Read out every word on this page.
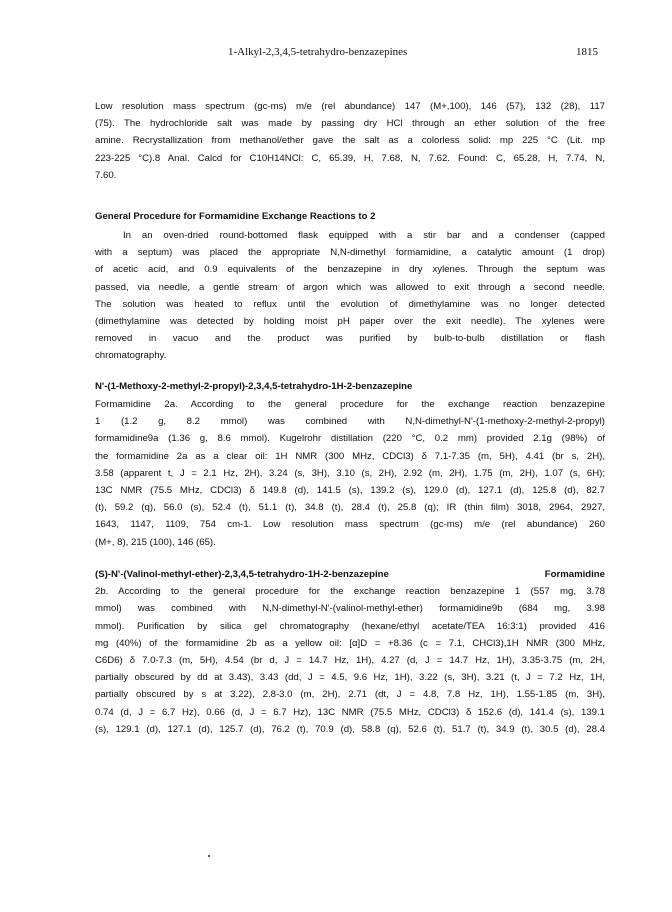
1-Alkyl-2,3,4,5-tetrahydro-benzazepines	1815
Low resolution mass spectrum (gc-ms) m/e (rel abundance) 147 (M+,100), 146 (57), 132 (28), 117
(75). The hydrochloride salt was made by passing dry HCl through an ether solution of the free
amine. Recrystallization from methanol/ether gave the salt as a colorless solid: mp 225 °C (Lit. mp
223-225 °C).8 Anal. Calcd for C10H14NCl: C, 65.39, H, 7.68, N, 7.62. Found: C, 65.28, H, 7.74, N,
7.60.
General Procedure for Formamidine Exchange Reactions to 2
In an oven-dried round-bottomed flask equipped with a stir bar and a condenser (capped
with a septum) was placed the appropriate N,N-dimethyl formamidine, a catalytic amount (1 drop)
of acetic acid, and 0.9 equivalents of the benzazepine in dry xylenes. Through the septum was
passed, via needle, a gentle stream of argon which was allowed to exit through a second needle.
The solution was heated to reflux until the evolution of dimethylamine was no longer detected
(dimethylamine was detected by holding moist pH paper over the exit needle). The xylenes were
removed in vacuo and the product was purified by bulb-to-bulb distillation or flash
chromatography.
N'-(1-Methoxy-2-methyl-2-propyl)-2,3,4,5-tetrahydro-1H-2-benzazepine
Formamidine 2a. According to the general procedure for the exchange reaction benzazepine
1 (1.2 g, 8.2 mmol) was combined with N,N-dimethyl-N'-(1-methoxy-2-methyl-2-propyl)
formamidine9a (1.36 g, 8.6 mmol). Kugelrohr distillation (220 °C, 0.2 mm) provided 2.1g (98%) of
the formamidine 2a as a clear oil: 1H NMR (300 MHz, CDCl3) δ 7.1-7.35 (m, 5H), 4.41 (br s, 2H),
3.58 (apparent t, J = 2.1 Hz, 2H), 3.24 (s, 3H), 3.10 (s, 2H), 2.92 (m, 2H), 1.75 (m, 2H), 1.07 (s, 6H);
13C NMR (75.5 MHz, CDCl3) δ 149.8 (d), 141.5 (s), 139.2 (s), 129.0 (d), 127.1 (d), 125.8 (d), 82.7
(t), 59.2 (q), 56.0 (s), 52.4 (t), 51.1 (t), 34.8 (t), 28.4 (t), 25.8 (q); IR (thin film) 3018, 2964, 2927,
1643, 1147, 1109, 754 cm-1. Low resolution mass spectrum (gc-ms) m/e (rel abundance) 260
(M+, 8), 215 (100), 146 (65).
(S)-N'-(Valinol-methyl-ether)-2,3,4,5-tetrahydro-1H-2-benzazepine Formamidine
2b. According to the general procedure for the exchange reaction benzazepine 1 (557 mg, 3.78
mmol) was combined with N,N-dimethyl-N'-(valinol-methyl-ether) formamidine9b (684 mg, 3.98
mmol). Purification by silica gel chromatography (hexane/ethyl acetate/TEA 16:3:1) provided 416
mg (40%) of the formamidine 2b as a yellow oil: [α]D = +8.36 (c = 7.1, CHCl3),1H NMR (300 MHz,
C6D6) δ 7.0-7.3 (m, 5H), 4.54 (br d, J = 14.7 Hz, 1H), 4.27 (d, J = 14.7 Hz, 1H), 3.35-3.75 (m, 2H,
partially obscured by dd at 3.43), 3.43 (dd, J = 4.5, 9.6 Hz, 1H), 3.22 (s, 3H), 3.21 (t, J = 7.2 Hz, 1H,
partially obscured by s at 3.22), 2.8-3.0 (m, 2H), 2.71 (dt, J = 4.8, 7.8 Hz, 1H), 1.55-1.85 (m, 3H),
0.74 (d, J = 6.7 Hz), 0.66 (d, J = 6.7 Hz), 13C NMR (75.5 MHz, CDCl3) δ 152.6 (d), 141.4 (s), 139.1
(s), 129.1 (d), 127.1 (d), 125.7 (d), 76.2 (t), 70.9 (d), 58.8 (q), 52.6 (t), 51.7 (t), 34.9 (t), 30.5 (d), 28.4
